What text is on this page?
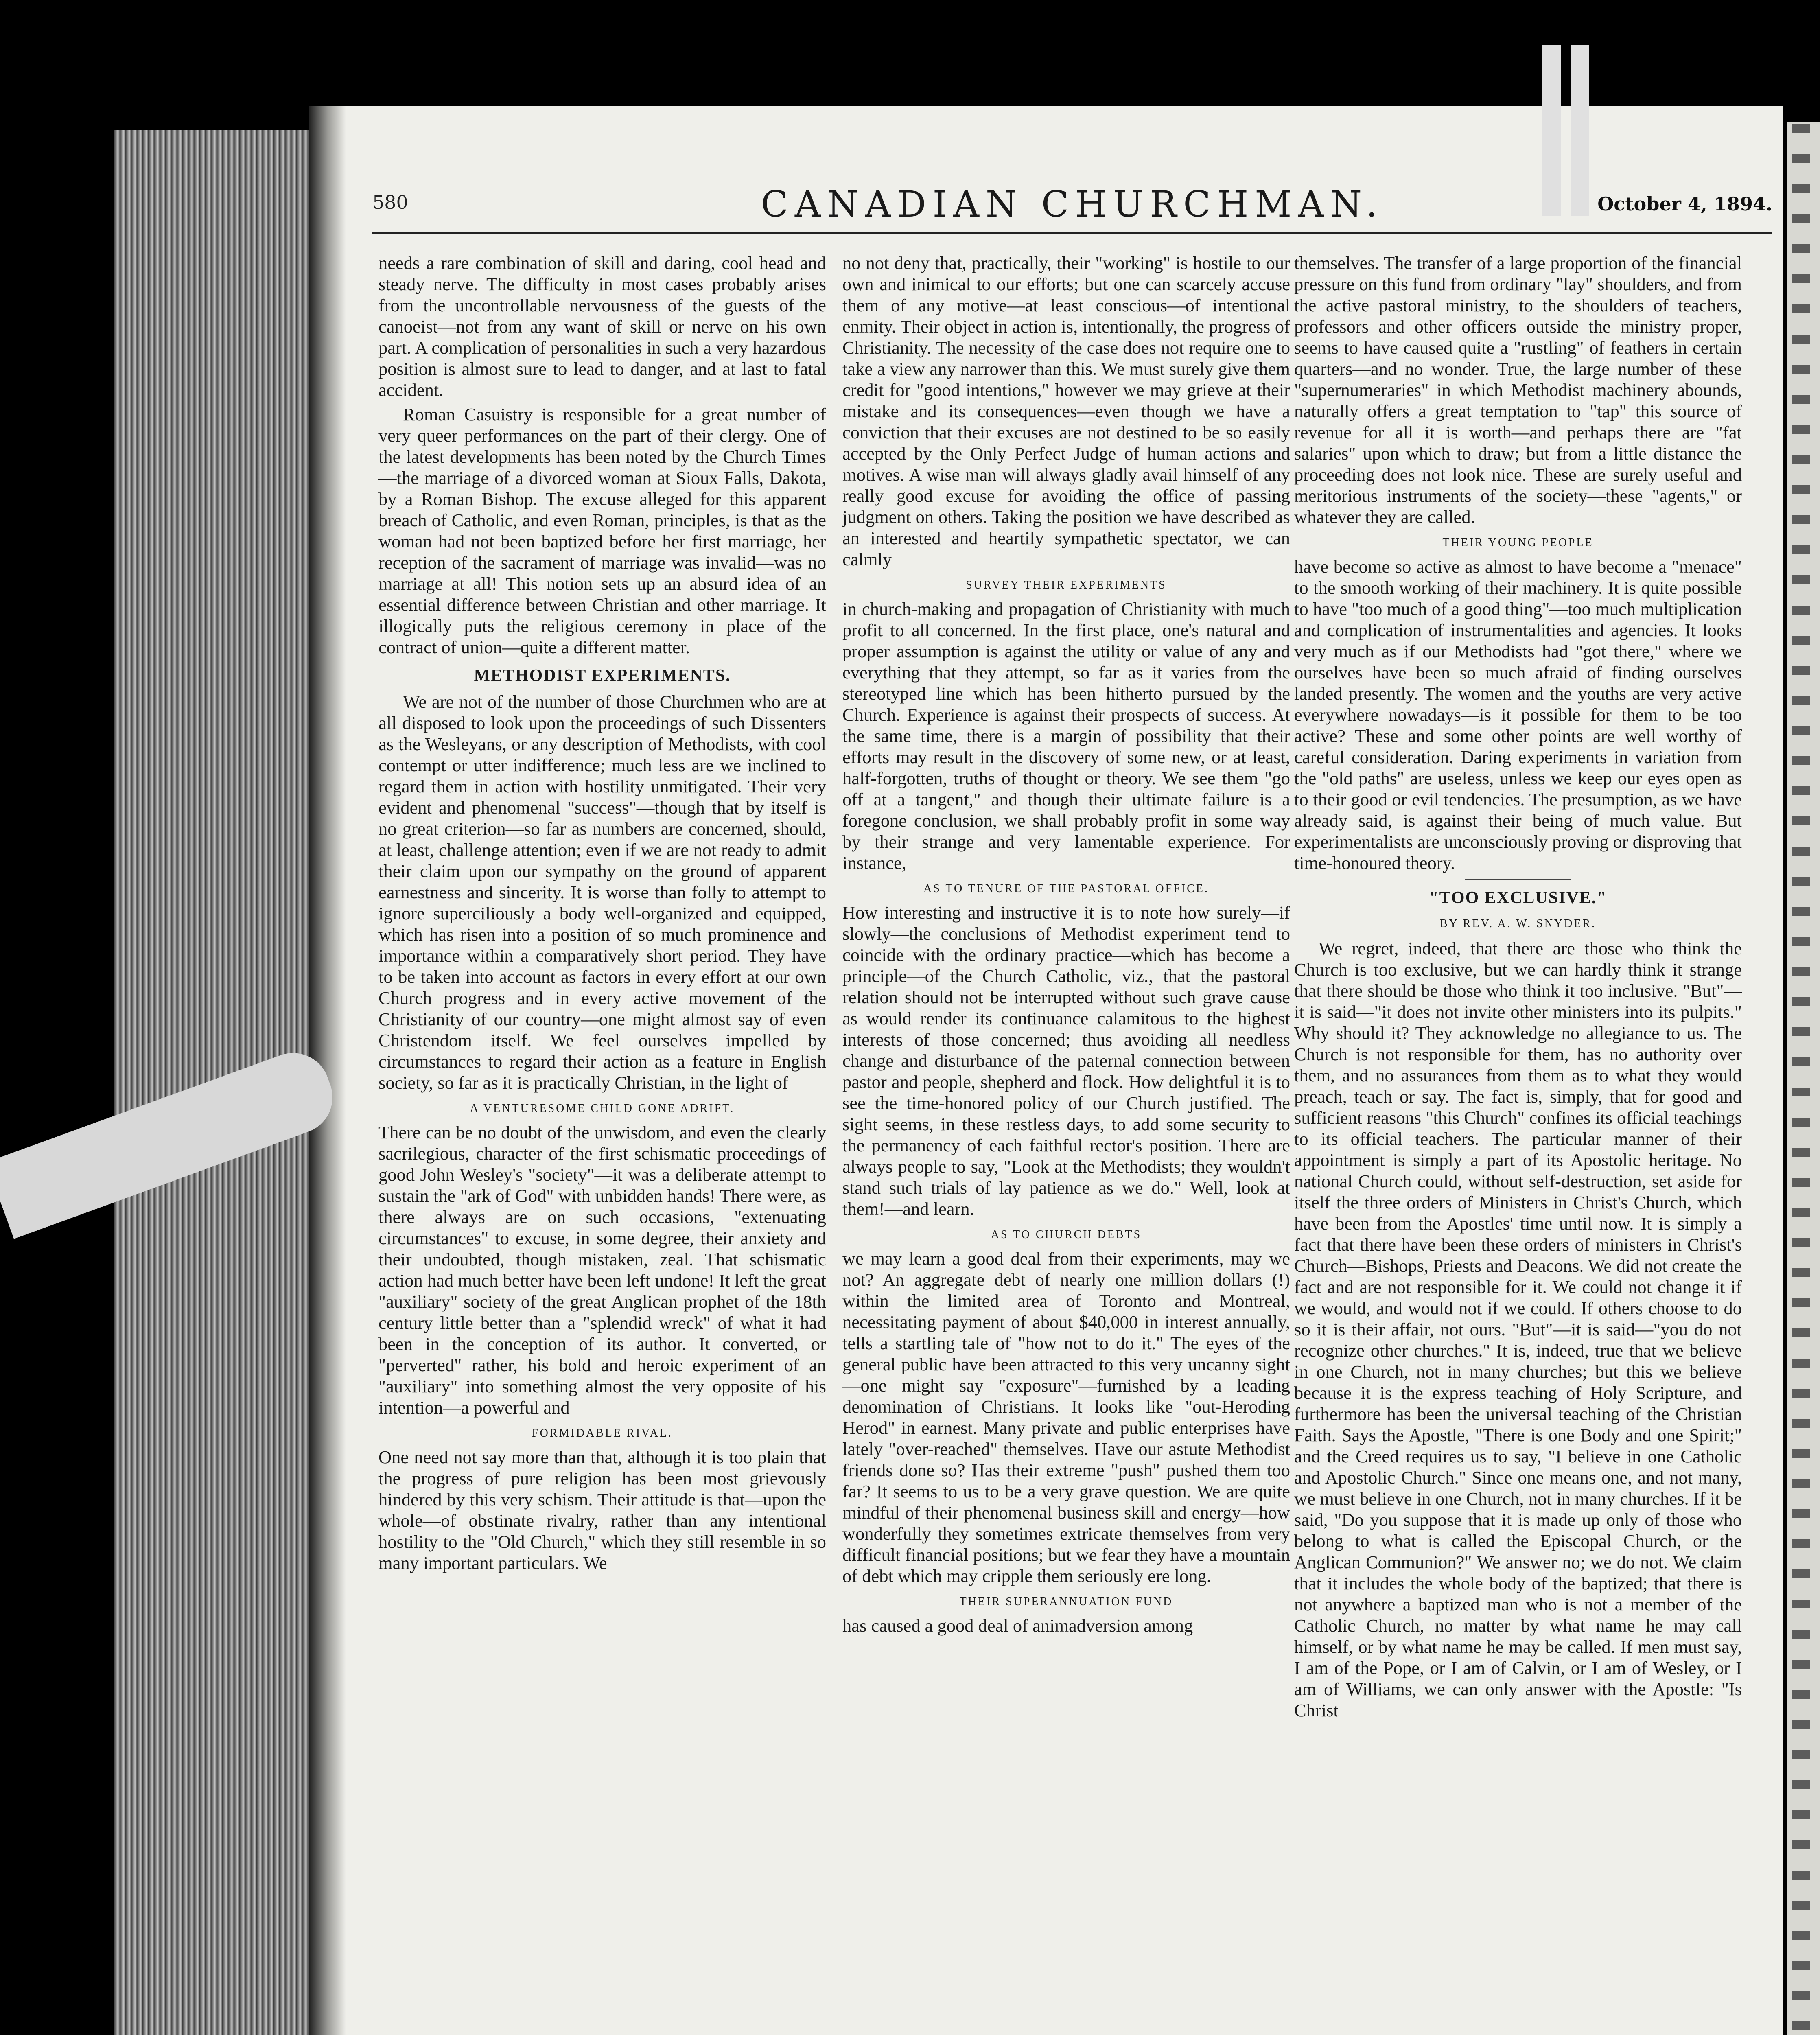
580	CANADIAN CHURCHMAN.	October 4, 1894.

needs a rare combination of skill and daring, cool head and steady nerve. The difficulty in most cases probably arises from the uncontrollable nervousness of the guests of the canoeist—not from any want of skill or nerve on his own part. A complication of personalities in such a very hazardous position is almost sure to lead to danger, and at last to fatal accident.

Roman Casuistry is responsible for a great number of very queer performances on the part of their clergy. One of the latest developments has been noted by the Church Times—the marriage of a divorced woman at Sioux Falls, Dakota, by a Roman Bishop. The excuse alleged for this apparent breach of Catholic, and even Roman, principles, is that as the woman had not been baptized before her first marriage, her reception of the sacrament of marriage was invalid—was no marriage at all! This notion sets up an absurd idea of an essential difference between Christian and other marriage. It illogically puts the religious ceremony in place of the contract of union—quite a different matter.

METHODIST EXPERIMENTS.

We are not of the number of those Churchmen who are at all disposed to look upon the proceedings of such Dissenters as the Wesleyans, or any description of Methodists, with cool contempt or utter indifference; much less are we inclined to regard them in action with hostility unmitigated. Their very evident and phenomenal "success"—though that by itself is no great criterion—so far as numbers are concerned, should, at least, challenge attention; even if we are not ready to admit their claim upon our sympathy on the ground of apparent earnestness and sincerity. It is worse than folly to attempt to ignore superciliously a body well-organized and equipped, which has risen into a position of so much prominence and importance within a comparatively short period. They have to be taken into account as factors in every effort at our own Church progress and in every active movement of the Christianity of our country—one might almost say of even Christendom itself. We feel ourselves impelled by circumstances to regard their action as a feature in English society, so far as it is practically Christian, in the light of

A VENTURESOME CHILD GONE ADRIFT.

There can be no doubt of the unwisdom, and even the clearly sacrilegious, character of the first schismatic proceedings of good John Wesley's "society"—it was a deliberate attempt to sustain the "ark of God" with unbidden hands! There were, as there always are on such occasions, "extenuating circumstances" to excuse, in some degree, their anxiety and their undoubted, though mistaken, zeal. That schismatic action had much better have been left undone! It left the great "auxiliary" society of the great Anglican prophet of the 18th century little better than a "splendid wreck" of what it had been in the conception of its author. It converted, or "perverted" rather, his bold and heroic experiment of an "auxiliary" into something almost the very opposite of his intention—a powerful and

FORMIDABLE RIVAL.

One need not say more than that, although it is too plain that the progress of pure religion has been most grievously hindered by this very schism. Their attitude is that—upon the whole—of obstinate rivalry, rather than any intentional hostility to the "Old Church," which they still resemble in so many important particulars. We

no not deny that, practically, their "working" is hostile to our own and inimical to our efforts; but one can scarcely accuse them of any motive—at least conscious—of intentional enmity. Their object in action is, intentionally, the progress of Christianity. The necessity of the case does not require one to take a view any narrower than this. We must surely give them credit for "good intentions," however we may grieve at their mistake and its consequences—even though we have a conviction that their excuses are not destined to be so easily accepted by the Only Perfect Judge of human actions and motives. A wise man will always gladly avail himself of any really good excuse for avoiding the office of passing judgment on others. Taking the position we have described as an interested and heartily sympathetic spectator, we can calmly

SURVEY THEIR EXPERIMENTS

in church-making and propagation of Christianity with much profit to all concerned. In the first place, one's natural and proper assumption is against the utility or value of any and everything that they attempt, so far as it varies from the stereotyped line which has been hitherto pursued by the Church. Experience is against their prospects of success. At the same time, there is a margin of possibility that their efforts may result in the discovery of some new, or at least, half-forgotten, truths of thought or theory. We see them "go off at a tangent," and though their ultimate failure is a foregone conclusion, we shall probably profit in some way by their strange and very lamentable experience. For instance,

AS TO TENURE OF THE PASTORAL OFFICE.

How interesting and instructive it is to note how surely—if slowly—the conclusions of Methodist experiment tend to coincide with the ordinary practice—which has become a principle—of the Church Catholic, viz., that the pastoral relation should not be interrupted without such grave cause as would render its continuance calamitous to the highest interests of those concerned; thus avoiding all needless change and disturbance of the paternal connection between pastor and people, shepherd and flock. How delightful it is to see the time-honored policy of our Church justified. The sight seems, in these restless days, to add some security to the permanency of each faithful rector's position. There are always people to say, "Look at the Methodists; they wouldn't stand such trials of lay patience as we do." Well, look at them!—and learn.

AS TO CHURCH DEBTS

we may learn a good deal from their experiments, may we not? An aggregate debt of nearly one million dollars (!) within the limited area of Toronto and Montreal, necessitating payment of about $40,000 in interest annually, tells a startling tale of "how not to do it." The eyes of the general public have been attracted to this very uncanny sight—one might say "exposure"—furnished by a leading denomination of Christians. It looks like "out-Heroding Herod" in earnest. Many private and public enterprises have lately "over-reached" themselves. Have our astute Methodist friends done so? Has their extreme "push" pushed them too far? It seems to us to be a very grave question. We are quite mindful of their phenomenal business skill and energy—how wonderfully they sometimes extricate themselves from very difficult financial positions; but we fear they have a mountain of debt which may cripple them seriously ere long.

THEIR SUPERANNUATION FUND

has caused a good deal of animadversion among

themselves. The transfer of a large proportion of the financial pressure on this fund from ordinary "lay" shoulders, and from the active pastoral ministry, to the shoulders of teachers, professors and other officers outside the ministry proper, seems to have caused quite a "rustling" of feathers in certain quarters—and no wonder. True, the large number of these "supernumeraries" in which Methodist machinery abounds, naturally offers a great temptation to "tap" this source of revenue for all it is worth—and perhaps there are "fat salaries" upon which to draw; but from a little distance the proceeding does not look nice. These are surely useful and meritorious instruments of the society—these "agents," or whatever they are called.

THEIR YOUNG PEOPLE

have become so active as almost to have become a "menace" to the smooth working of their machinery. It is quite possible to have "too much of a good thing"—too much multiplication and complication of instrumentalities and agencies. It looks very much as if our Methodists had "got there," where we ourselves have been so much afraid of finding ourselves landed presently. The women and the youths are very active everywhere nowadays—is it possible for them to be too active? These and some other points are well worthy of careful consideration. Daring experiments in variation from the "old paths" are useless, unless we keep our eyes open as to their good or evil tendencies. The presumption, as we have already said, is against their being of much value. But experimentalists are unconsciously proving or disproving that time-honoured theory.

"TOO EXCLUSIVE."
BY REV. A. W. SNYDER.

We regret, indeed, that there are those who think the Church is too exclusive, but we can hardly think it strange that there should be those who think it too inclusive. "But"—it is said—"it does not invite other ministers into its pulpits." Why should it? They acknowledge no allegiance to us. The Church is not responsible for them, has no authority over them, and no assurances from them as to what they would preach, teach or say. The fact is, simply, that for good and sufficient reasons "this Church" confines its official teachings to its official teachers. The particular manner of their appointment is simply a part of its Apostolic heritage. No national Church could, without self-destruction, set aside for itself the three orders of Ministers in Christ's Church, which have been from the Apostles' time until now. It is simply a fact that there have been these orders of ministers in Christ's Church—Bishops, Priests and Deacons. We did not create the fact and are not responsible for it. We could not change it if we would, and would not if we could. If others choose to do so it is their affair, not ours. "But"—it is said—"you do not recognize other churches." It is, indeed, true that we believe in one Church, not in many churches; but this we believe because it is the express teaching of Holy Scripture, and furthermore has been the universal teaching of the Christian Faith. Says the Apostle, "There is one Body and one Spirit;" and the Creed requires us to say, "I believe in one Catholic and Apostolic Church." Since one means one, and not many, we must believe in one Church, not in many churches. If it be said, "Do you suppose that it is made up only of those who belong to what is called the Episcopal Church, or the Anglican Communion?" We answer no; we do not. We claim that it includes the whole body of the baptized; that there is not anywhere a baptized man who is not a member of the Catholic Church, no matter by what name he may call himself, or by what name he may be called. If men must say, I am of the Pope, or I am of Calvin, or I am of Wesley, or I am of Williams, we can only answer with the Apostle: "Is Christ
